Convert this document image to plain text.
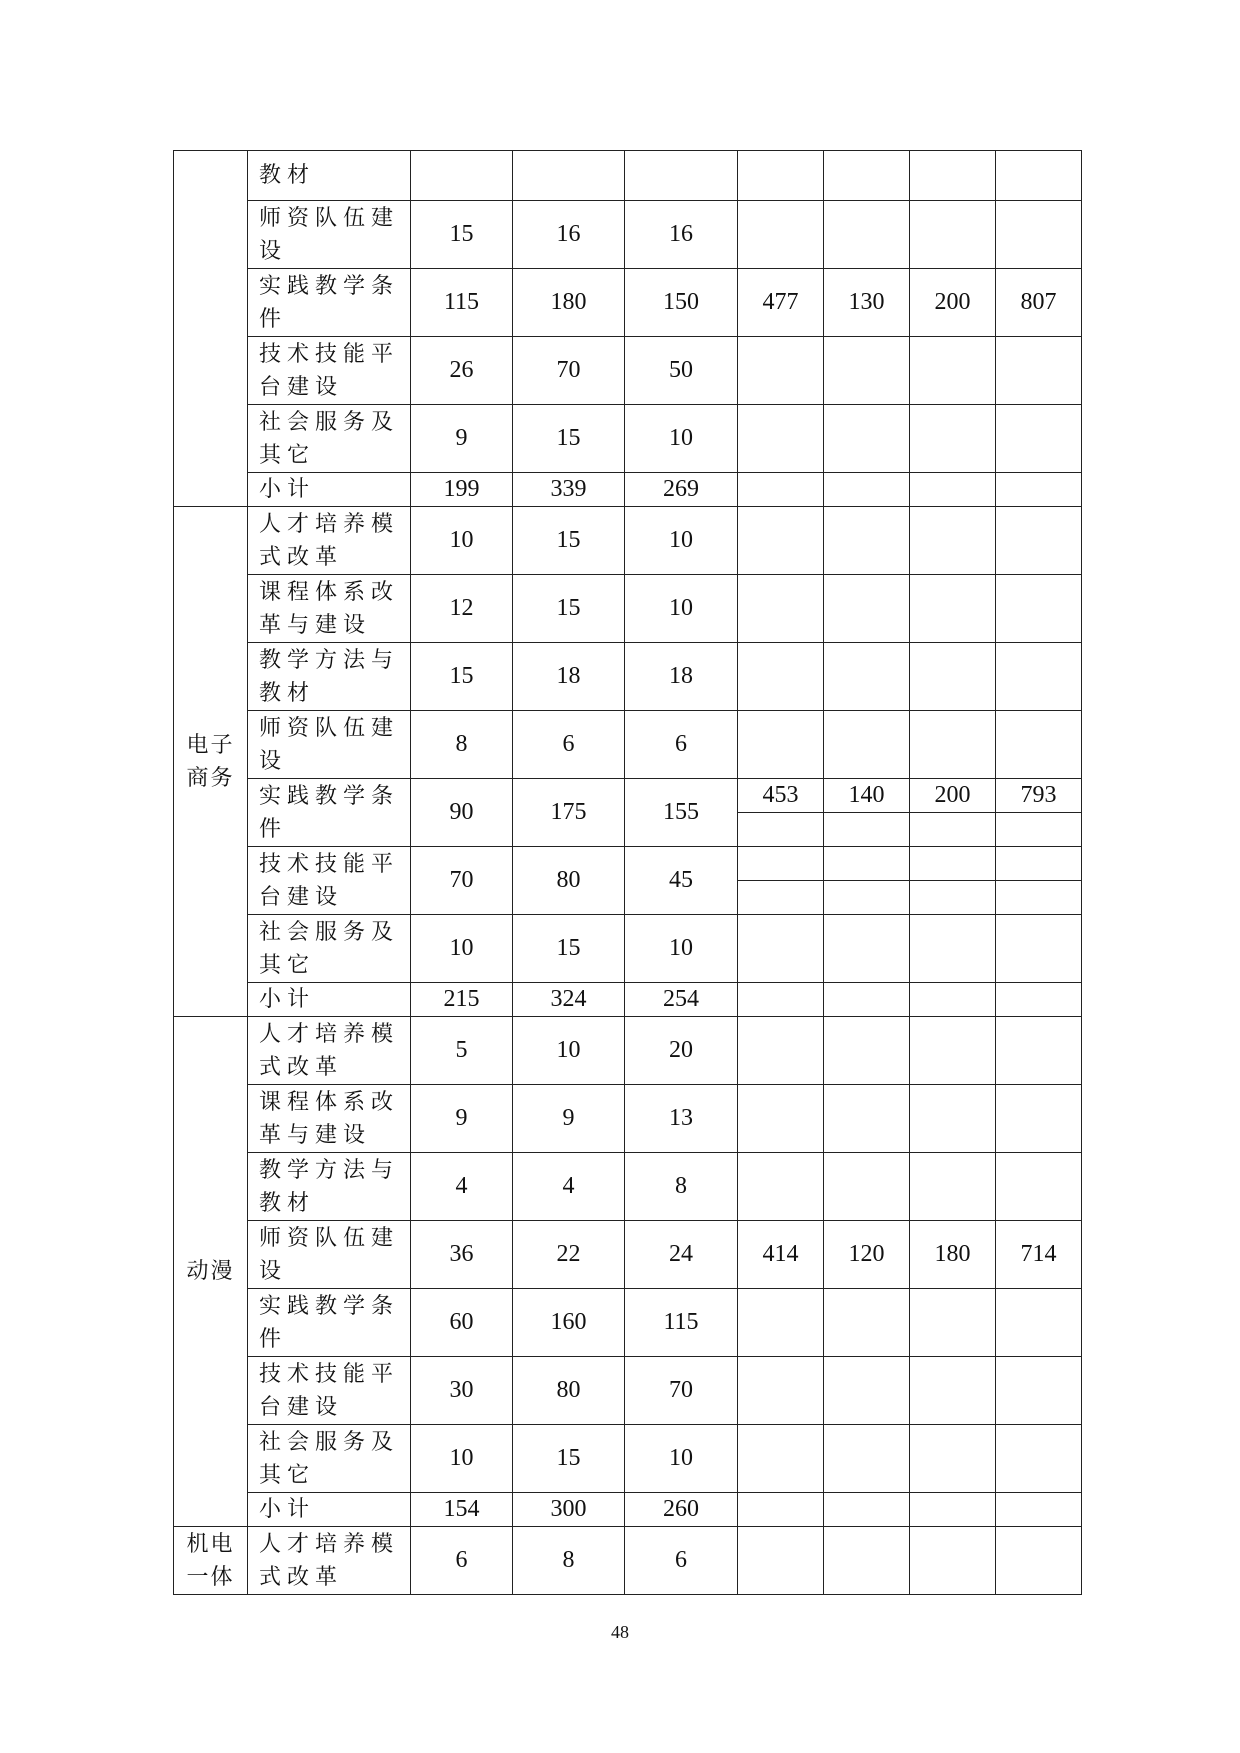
	教材							
	师资队伍建设	15	16	16				
	实践教学条件	115	180	150	477	130	200	807
	技术技能平台建设	26	70	50				
	社会服务及其它	9	15	10				
	小计	199	339	269				
电子商务	人才培养模式改革	10	15	10				
	课程体系改革与建设	12	15	10				
	教学方法与教材	15	18	18				
	师资队伍建设	8	6	6				
	实践教学条件	90	175	155	453	140	200	793

	技术技能平台建设	70	80	45				

	社会服务及其它	10	15	10				
	小计	215	324	254				
动漫	人才培养模式改革	5	10	20				
	课程体系改革与建设	9	9	13				
	教学方法与教材	4	4	8				
	师资队伍建设	36	22	24	414	120	180	714
	实践教学条件	60	160	115				
	技术技能平台建设	30	80	70				
	社会服务及其它	10	15	10				
	小计	154	300	260				
机电一体	人才培养模式改革	6	8	6				
48
